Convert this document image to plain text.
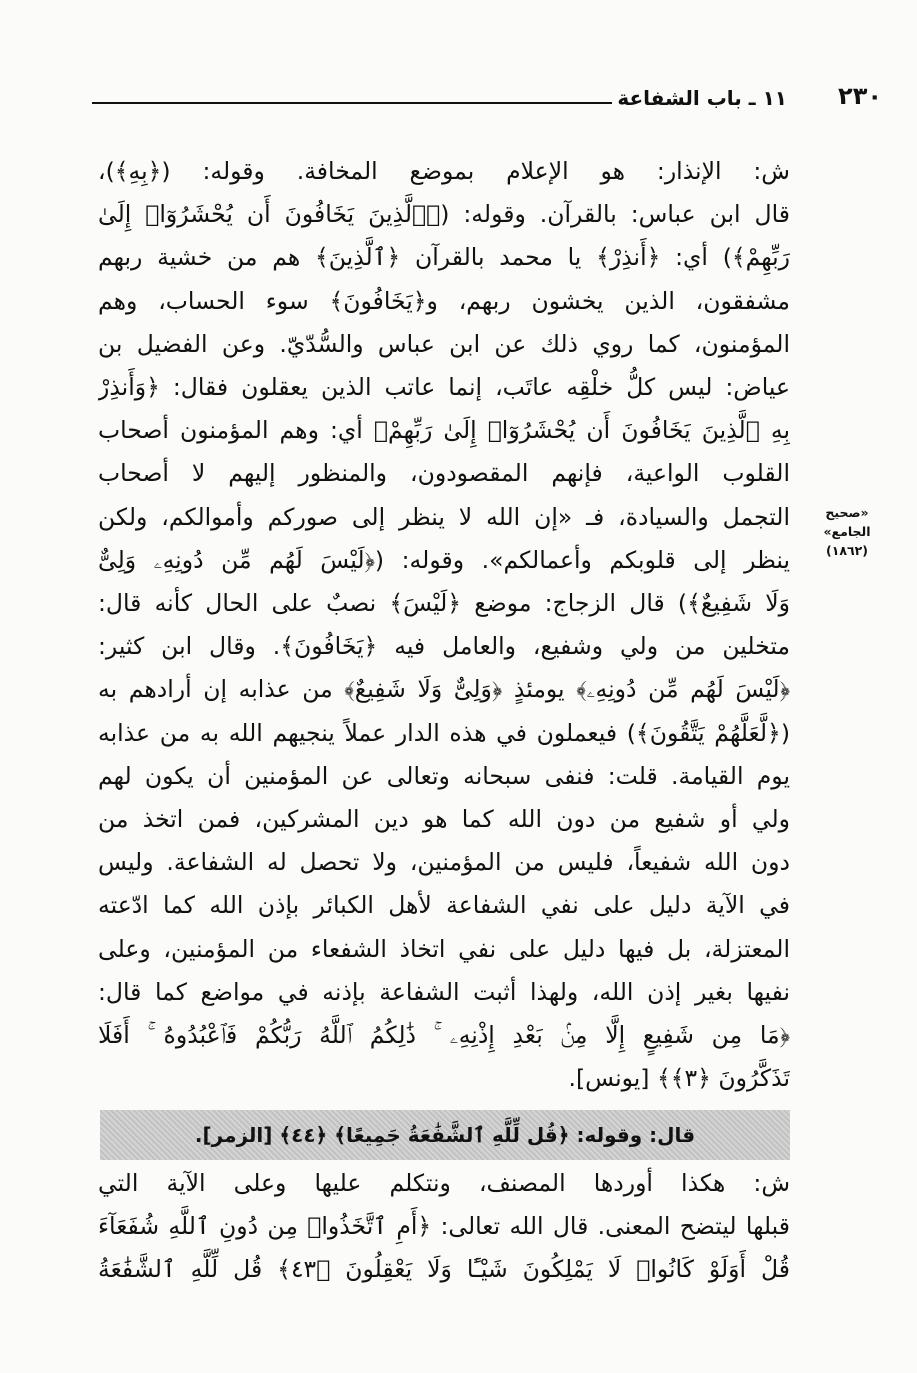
٢٣٠
١١ ـ باب الشفاعة
«صحيح
الجامع»
(١٨٦٢)
ش: الإنذار: هو الإعلام بموضع المخافة. وقوله: (﴿بِهِ﴾)،
قال ابن عباس: بالقرآن. وقوله: (﴿ٱلَّذِينَ يَخَافُونَ أَن يُحْشَرُوٓا۟ إِلَىٰ
رَبِّهِمْ﴾) أي: ﴿أَنذِرْ﴾ يا محمد بالقرآن ﴿ٱلَّذِينَ﴾ هم من خشية ربهم
مشفقون، الذين يخشون ربهم، و﴿يَخَافُونَ﴾ سوء الحساب، وهم
المؤمنون، كما روي ذلك عن ابن عباس والسُّدّيّ. وعن الفضيل بن
عياض: ليس كلُّ خلْقِه عاتَب، إنما عاتب الذين يعقلون فقال: ﴿وَأَنذِرْ
بِهِ ٱلَّذِينَ يَخَافُونَ أَن يُحْشَرُوٓا۟ إِلَىٰ رَبِّهِمْ﴾ أي: وهم المؤمنون أصحاب
القلوب الواعية، فإنهم المقصودون، والمنظور إليهم لا أصحاب
التجمل والسيادة، فـ «إن الله لا ينظر إلى صوركم وأموالكم، ولكن
ينظر إلى قلوبكم وأعمالكم». وقوله: (﴿لَيْسَ لَهُم مِّن دُونِهِۦ وَلِىٌّ
وَلَا شَفِيعٌ﴾) قال الزجاج: موضع ﴿لَيْسَ﴾ نصبٌ على الحال كأنه قال:
متخلين من ولي وشفيع، والعامل فيه ﴿يَخَافُونَ﴾. وقال ابن كثير:
﴿لَيْسَ لَهُم مِّن دُونِهِۦ﴾ يومئذٍ ﴿وَلِىٌّ وَلَا شَفِيعٌ﴾ من عذابه إن أرادهم به
(﴿لَّعَلَّهُمْ يَتَّقُونَ﴾) فيعملون في هذه الدار عملاً ينجيهم الله به من عذابه
يوم القيامة. قلت: فنفى سبحانه وتعالى عن المؤمنين أن يكون لهم
ولي أو شفيع من دون الله كما هو دين المشركين، فمن اتخذ من
دون الله شفيعاً، فليس من المؤمنين، ولا تحصل له الشفاعة. وليس
في الآية دليل على نفي الشفاعة لأهل الكبائر بإذن الله كما ادّعته
المعتزلة، بل فيها دليل على نفي اتخاذ الشفعاء من المؤمنين، وعلى
نفيها بغير إذن الله، ولهذا أثبت الشفاعة بإذنه في مواضع كما قال:
﴿مَا مِن شَفِيعٍ إِلَّا مِنۢ بَعْدِ إِذْنِهِۦ ۚ ذَٰلِكُمُ ٱللَّهُ رَبُّكُمْ فَٱعْبُدُوهُ ۚ أَفَلَا
تَذَكَّرُونَ ﴿٣﴾﴾ [يونس].
قال: وقوله: ﴿قُل لِّلَّهِ ٱلشَّفَٰعَةُ جَمِيعًا﴾ ﴿٤٤﴾ [الزمر].
ش: هكذا أوردها المصنف، ونتكلم عليها وعلى الآية التي
قبلها ليتضح المعنى. قال الله تعالى: ﴿أَمِ ٱتَّخَذُوا۟ مِن دُونِ ٱللَّهِ شُفَعَآءَ
قُلْ أَوَلَوْ كَانُوا۟ لَا يَمْلِكُونَ شَيْـًٔا وَلَا يَعْقِلُونَ ﴿٤٣﴾ قُل لِّلَّهِ ٱلشَّفَٰعَةُ
